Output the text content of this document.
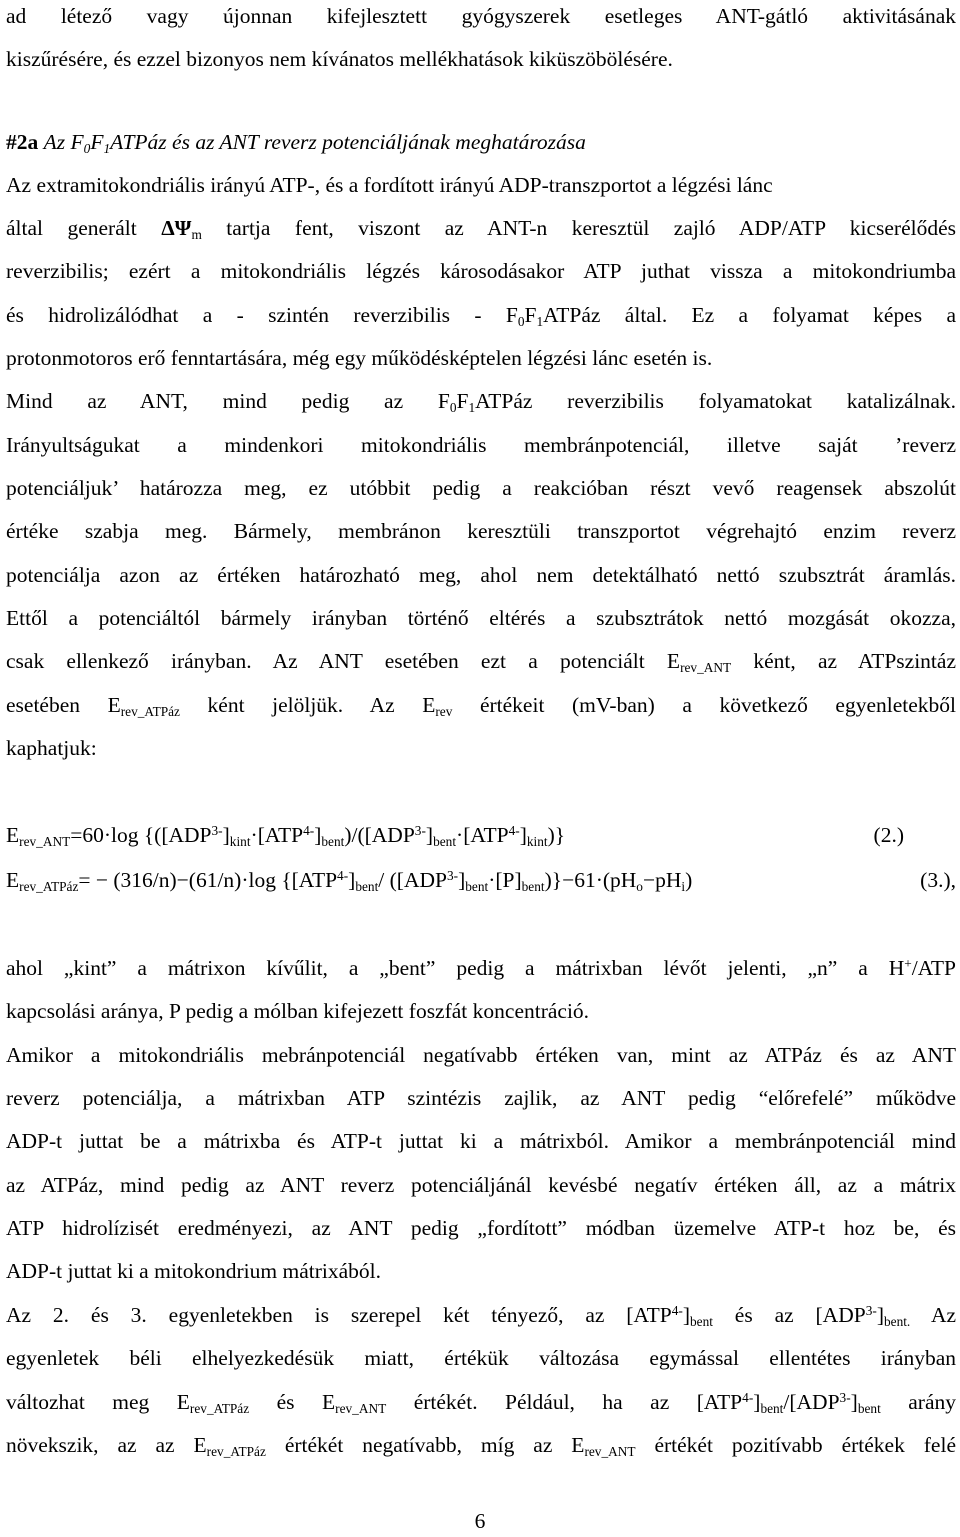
ad létező vagy újonnan kifejlesztett gyógyszerek esetleges ANT-gátló aktivitásának
kiszűrésére, és ezzel bizonyos nem kívánatos mellékhatások kiküszöbölésére.
#2a Az $F_0F_1ATPáz$ és az ANT reverz potenciáljának meghatározása
Az extramitokondriális irányú ATP-, és a fordított irányú ADP-transzportot a légzési lánc
által generált $\Delta\Psi_m$ tartja fent, viszont az ANT-n keresztül zajló ADP/ATP kicserélődés
reverzibilis; ezért a mitokondriális légzés károsodásakor ATP juthat vissza a mitokondriumba
és hidrolizálódhat a - szintén reverzibilis - $F_0F_1ATPáz$ által. Ez a folyamat képes a
protonmotoros erő fenntartására, még egy működésképtelen légzési lánc esetén is.
Mind az ANT, mind pedig az $F_0F_1ATPáz$ reverzibilis folyamatokat katalizálnak.
Irányultságukat a mindenkori mitokondriális membránpotenciál, illetve saját ’reverz
potenciáljuk’ határozza meg, ez utóbbit pedig a reakcióban részt vevő reagensek abszolút
értéke szabja meg. Bármely, membránon keresztüli transzportot végrehajtó enzim reverz
potenciálja azon az értéken határozható meg, ahol nem detektálható nettó szubsztrát áramlás.
Ettől a potenciáltól bármely irányban történő eltérés a szubsztrátok nettó mozgását okozza,
csak ellenkező irányban. Az ANT esetében ezt a potenciált $E_{rev\_ANT}$ ként, az ATPszintáz
esetében $E_{rev\_ATPáz}$ ként jelöljük. Az $E_{rev}$ értékeit (mV-ban) a következő egyenletekből
kaphatjuk:
$E_{rev\_ANT}=60\cdot\log$ $\{([ADP^{3-}]_{kint}\cdot[ATP^{4-}]_{bent})/([ADP^{3-}]_{bent}\cdot[ATP^{4-}]_{kint})\}$	(2.)
$E_{rev\_ATPáz}= - (316/n)-(61/n)\cdot\log$ {$[ATP^{4-}]_{bent}/$ $([ADP^{3-}]_{bent}\cdot[P]_{bent})\}-61\cdot(pH_o-pH_i)$	(3.),
ahol „kint” a mátrixon kívűlit, a „bent” pedig a mátrixban lévőt jelenti, „n” a H+/ATP
kapcsolási aránya, P pedig a mólban kifejezett foszfát koncentráció.
Amikor a mitokondriális mebránpotenciál negatívabb értéken van, mint az ATPáz és az ANT
reverz potenciálja, a mátrixban ATP szintézis zajlik, az ANT pedig “előrefelé” működve
ADP-t juttat be a mátrixba és ATP-t juttat ki a mátrixból. Amikor a membránpotenciál mind
az ATPáz, mind pedig az ANT reverz potenciáljánál kevésbé negatív értéken áll, az a mátrix
ATP hidrolízisét eredményezi, az ANT pedig „fordított” módban üzemelve ATP-t hoz be, és
ADP-t juttat ki a mitokondrium mátrixából.
Az 2. és 3. egyenletekben is szerepel két tényező, az $[ATP^{4-}]_{bent}$ és az $[ADP^{3-}]_{bent.}$ Az
egyenletek béli elhelyezkedésük miatt, értékük változása egymással ellentétes irányban
változhat meg $E_{rev\_ATPáz}$ és $E_{rev\_ANT}$ értékét. Például, ha az $[ATP^{4-}]_{bent}/[ADP^{3-}]_{bent}$ arány
növekszik, az az $E_{rev\_ATPáz}$ értékét negatívabb, míg az $E_{rev\_ANT}$ értékét pozitívabb értékek felé
6
